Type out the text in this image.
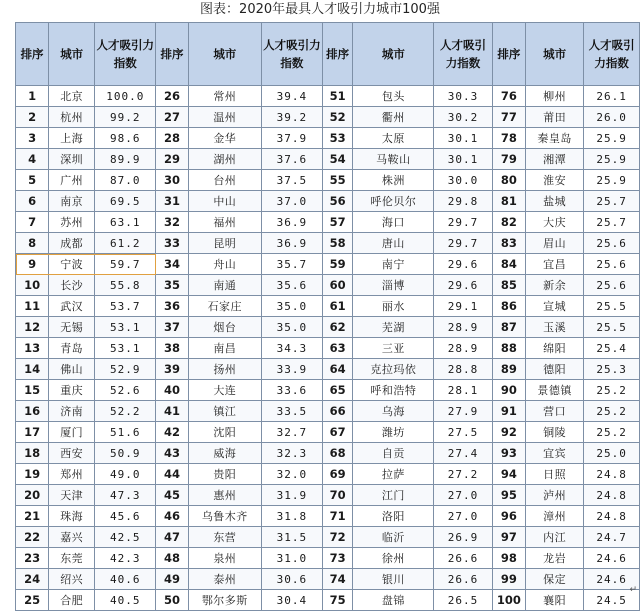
图表：2020年最具人才吸引力城市100强
排序	城市	人才吸引力指数	排序	城市	人才吸引力指数	排序	城市	人才吸引力指数	排序	城市	人才吸引力指数
1	北京	100.0	26	常州	39.4	51	包头	30.3	76	柳州	26.1
2	杭州	99.2	27	温州	39.2	52	衢州	30.2	77	莆田	26.0
3	上海	98.6	28	金华	37.9	53	太原	30.1	78	秦皇岛	25.9
4	深圳	89.9	29	湖州	37.6	54	马鞍山	30.1	79	湘潭	25.9
5	广州	87.0	30	台州	37.5	55	株洲	30.0	80	淮安	25.9
6	南京	69.5	31	中山	37.0	56	呼伦贝尔	29.8	81	盐城	25.7
7	苏州	63.1	32	福州	36.9	57	海口	29.7	82	大庆	25.7
8	成都	61.2	33	昆明	36.9	58	唐山	29.7	83	眉山	25.6
9	宁波	59.7	34	舟山	35.7	59	南宁	29.6	84	宜昌	25.6
10	长沙	55.8	35	南通	35.6	60	淄博	29.6	85	新余	25.6
11	武汉	53.7	36	石家庄	35.0	61	丽水	29.1	86	宣城	25.5
12	无锡	53.1	37	烟台	35.0	62	芜湖	28.9	87	玉溪	25.5
13	青岛	53.1	38	南昌	34.3	63	三亚	28.9	88	绵阳	25.4
14	佛山	52.9	39	扬州	33.9	64	克拉玛依	28.8	89	德阳	25.3
15	重庆	52.6	40	大连	33.6	65	呼和浩特	28.1	90	景德镇	25.2
16	济南	52.2	41	镇江	33.5	66	乌海	27.9	91	营口	25.2
17	厦门	51.6	42	沈阳	32.7	67	潍坊	27.5	92	铜陵	25.2
18	西安	50.9	43	威海	32.3	68	自贡	27.4	93	宜宾	25.0
19	郑州	49.0	44	贵阳	32.0	69	拉萨	27.2	94	日照	24.8
20	天津	47.3	45	惠州	31.9	70	江门	27.0	95	泸州	24.8
21	珠海	45.6	46	乌鲁木齐	31.8	71	洛阳	27.0	96	漳州	24.8
22	嘉兴	42.5	47	东营	31.5	72	临沂	26.9	97	内江	24.7
23	东莞	42.3	48	泉州	31.0	73	徐州	26.6	98	龙岩	24.6
24	绍兴	40.6	49	泰州	30.6	74	银川	26.6	99	保定	24.6
25	合肥	40.5	50	鄂尔多斯	30.4	75	盘锦	26.5	100	襄阳	24.5 ↵
